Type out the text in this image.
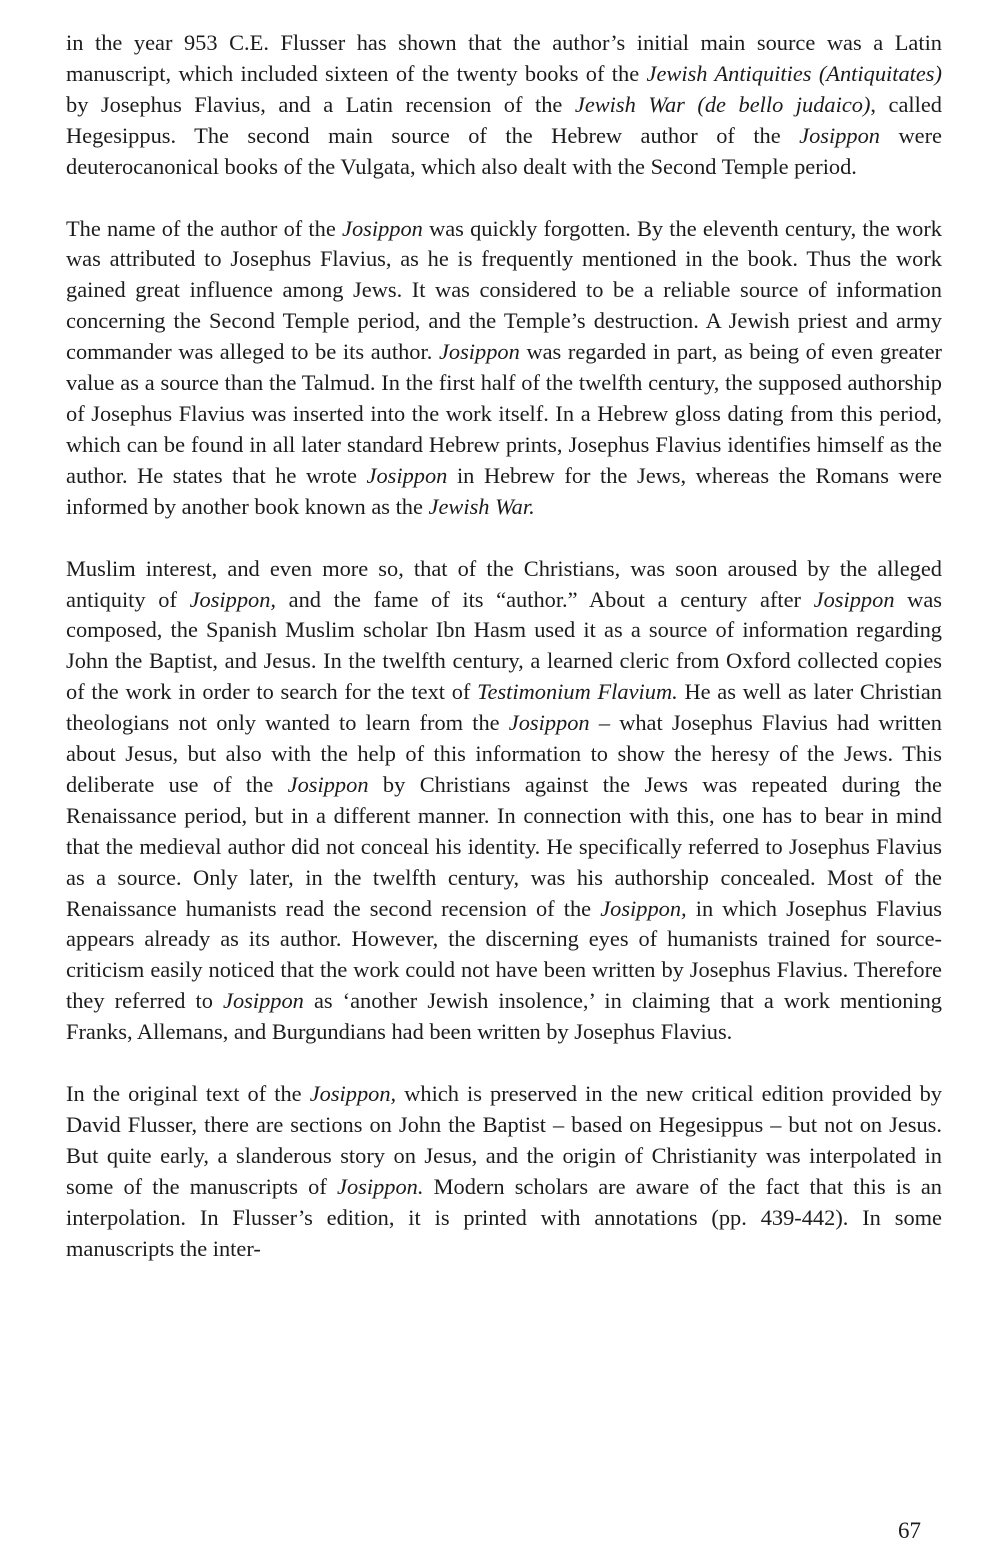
in the year 953 C.E. Flusser has shown that the author’s initial main source was a Latin manuscript, which included sixteen of the twenty books of the Jewish Antiquities (Antiquitates) by Josephus Flavius, and a Latin recension of the Jewish War (de bello judaico), called Hegesippus. The second main source of the Hebrew author of the Josippon were deuterocanonical books of the Vulgata, which also dealt with the Second Temple period.

The name of the author of the Josippon was quickly forgotten. By the eleventh century, the work was attributed to Josephus Flavius, as he is frequently mentioned in the book. Thus the work gained great influence among Jews. It was considered to be a reliable source of information concerning the Second Temple period, and the Temple’s destruction. A Jewish priest and army commander was alleged to be its author. Josippon was regarded in part, as being of even greater value as a source than the Talmud. In the first half of the twelfth century, the supposed authorship of Josephus Flavius was inserted into the work itself. In a Hebrew gloss dating from this period, which can be found in all later standard Hebrew prints, Josephus Flavius identifies himself as the author. He states that he wrote Josippon in Hebrew for the Jews, whereas the Romans were informed by another book known as the Jewish War.

Muslim interest, and even more so, that of the Christians, was soon aroused by the alleged antiquity of Josippon, and the fame of its “author.” About a century after Josippon was composed, the Spanish Muslim scholar Ibn Hasm used it as a source of information regarding John the Baptist, and Jesus. In the twelfth century, a learned cleric from Oxford collected copies of the work in order to search for the text of Testimonium Flavium. He as well as later Christian theologians not only wanted to learn from the Josippon – what Josephus Flavius had written about Jesus, but also with the help of this information to show the heresy of the Jews. This deliberate use of the Josippon by Christians against the Jews was repeated during the Renaissance period, but in a different manner. In connection with this, one has to bear in mind that the medieval author did not conceal his identity. He specifically referred to Josephus Flavius as a source. Only later, in the twelfth century, was his authorship concealed. Most of the Renaissance humanists read the second recension of the Josippon, in which Josephus Flavius appears already as its author. However, the discerning eyes of humanists trained for source-criticism easily noticed that the work could not have been written by Josephus Flavius. Therefore they referred to Josippon as ‘another Jewish insolence,’ in claiming that a work mentioning Franks, Allemans, and Burgundians had been written by Josephus Flavius.

In the original text of the Josippon, which is preserved in the new critical edition provided by David Flusser, there are sections on John the Baptist – based on Hegesippus – but not on Jesus. But quite early, a slanderous story on Jesus, and the origin of Christianity was interpolated in some of the manuscripts of Josippon. Modern scholars are aware of the fact that this is an interpolation. In Flusser’s edition, it is printed with annotations (pp. 439-442). In some manuscripts the inter-

67
